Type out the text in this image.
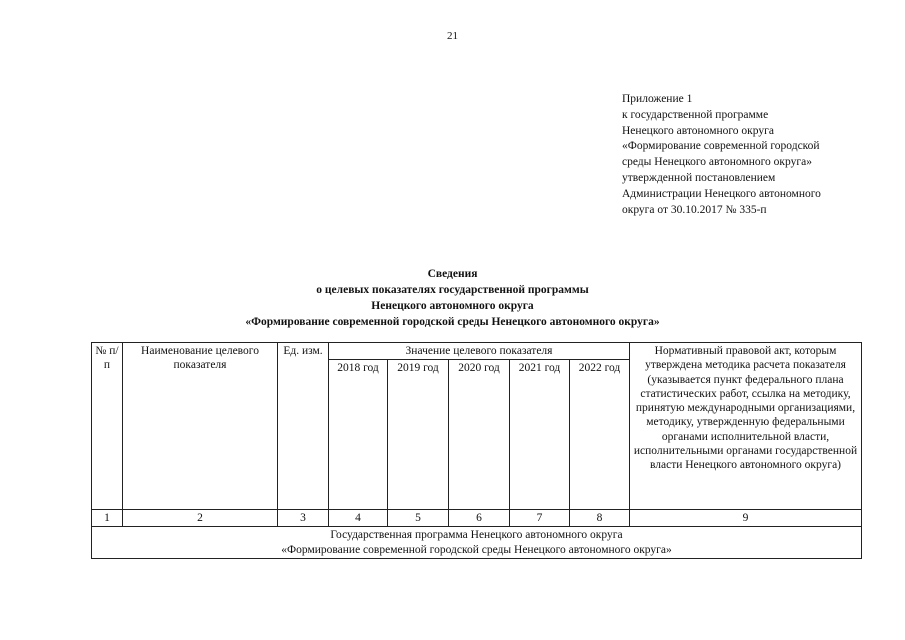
21
Приложение 1
к государственной программе
Ненецкого автономного округа
«Формирование современной городской
среды Ненецкого автономного округа»
утвержденной постановлением
Администрации Ненецкого автономного
округа от 30.10.2017 № 335-п
Сведения
о целевых показателях государственной программы
Ненецкого автономного округа
«Формирование современной городской среды Ненецкого автономного округа»
№ п/п	Наименование целевого показателя	Ед. изм.	Значение целевого показателя					Нормативный правовой акт, которым утверждена методика расчета показателя (указывается пункт федерального плана статистических работ, ссылка на методику, принятую международными организациями, методику, утвержденную федеральными органами исполнительной власти, исполнительными органами государственной власти Ненецкого автономного округа)
			2018 год	2019 год	2020 год	2021 год	2022 год	
1	2	3	4	5	6	7	8	9

Государственная программа Ненецкого автономного округа
«Формирование современной городской среды Ненецкого автономного округа»								
